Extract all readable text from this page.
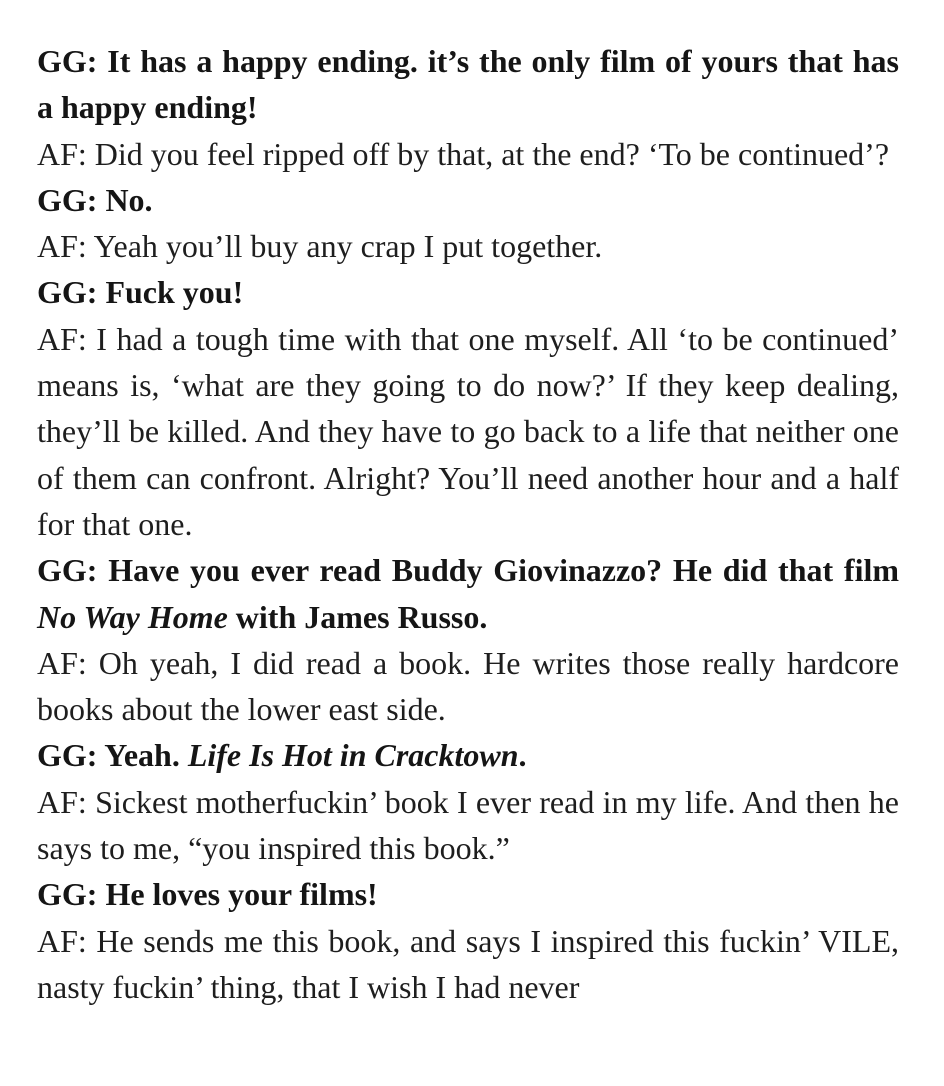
GG: It has a happy ending. it’s the only film of yours that has a happy ending!

AF: Did you feel ripped off by that, at the end? ‘To be continued’?

GG: No.

AF: Yeah you’ll buy any crap I put together.

GG: Fuck you!

AF: I had a tough time with that one myself. All ‘to be continued’ means is, ‘what are they going to do now?’ If they keep dealing, they’ll be killed. And they have to go back to a life that neither one of them can confront. Alright? You’ll need another hour and a half for that one.

GG: Have you ever read Buddy Giovinazzo? He did that film No Way Home with James Russo.

AF: Oh yeah, I did read a book. He writes those really hardcore books about the lower east side.

GG: Yeah. Life Is Hot in Cracktown.

AF: Sickest motherfuckin’ book I ever read in my life. And then he says to me, “you inspired this book.”

GG: He loves your films!

AF: He sends me this book, and says I inspired this fuckin’ VILE, nasty fuckin’ thing, that I wish I had never
